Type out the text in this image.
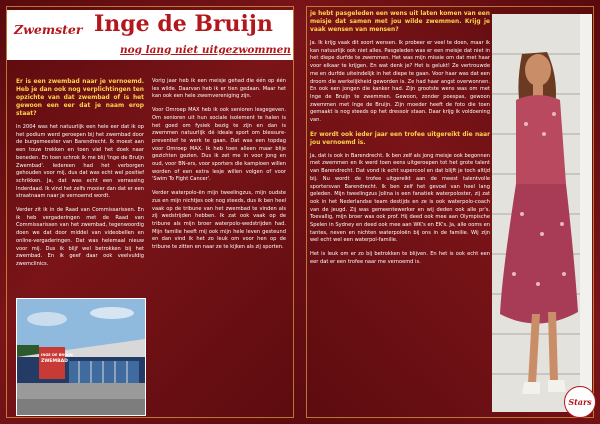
Zwemster Inge de Bruijn
nog lang niet uitgezwommen

Er is een zwembad naar je vernoemd. Heb je dan ook nog verplichtingen ten opzichte van dat zwembad of is het gewoon een eer dat je naam erop staat?

In 2004 was het natuurlijk een hele eer dat ik op het podium werd geroepen bij het zwembad door de burgemeester van Barendrecht. Ik moest aan een touw trekken en toen viel het doek naar beneden. En toen schrok ik me blij 'Inge de Bruijn Zwembad'. Iedereen had het verborgen gehouden voor mij, dus dat was echt wel positief schrikken. Ja, dat was echt een verrassing Inderdaad. Ik vind het zelfs mooier dan dat er een straatnaam naar je vernoemd wordt.

Verder zit ik in de Raad van Commissarissen. En ik heb vergaderingen met de Raad van Commissarissen van het zwembad, tegenwoordig doen we dat door middel van videobellen en online-vergaderingen. Dat was helemaal nieuw voor mij. Dus ik blijf wel betrokken bij het zwembad. En ik geef daar ook veelvuldig zwemclinics.

Vorig jaar heb ik een meisje gehad die één op één les wilde. Daarvan heb ik er tien gedaan. Maar het kan ook een hele zwemvereniging zijn.

Voor Omroep MAX heb ik ook senioren lesgegeven. Om senioren uit hun sociale isolement te halen is het goed om fysiek bezig te zijn en dan is zwemmen natuurlijk dé ideale sport om blessure-preventief te werk te gaan. Dat was een topdag voor Omroep MAX. Ik heb toen alleen maar blije gezichten gezien. Dus ik zet me in voor jong en oud, voor BN-ers, voor sporters die kampioen willen worden of een extra lesje willen volgen of voor 'Swim To Fight Cancer'.

Verder waterpolo-ën mijn tweelingzus, mijn oudste zus en mijn nichtjes ook nog steeds, dus ik ben heel vaak op de tribune van het zwembad te vinden als zij wedstrijden hebben. Ik zat ook vaak op de tribune als mijn broer waterpolo-wedstrijden had. Mijn familie heeft mij ook mijn hele leven gesteund en dan vind ik het zo leuk om voor hen op de tribune te zitten en naar ze te kijken als zij sporten.

INGE DE BRUIJN
ZWEMBAD

je hebt pasgeleden een wens uit laten komen van een meisje dat samen met jou wilde zwemmen. Krijg je vaak wensen van mensen?

Ja. Ik krijg vaak dit soort wensen. Ik probeer er veel te doen, maar ik kan natuurlijk ook niet alles. Pasgeleden was er een meisje dat niet in het diepe durfde te zwemmen. Het was mijn missie om dat met haar voor elkaar te krijgen. En wat denk je? Het is gelukt! Ze vertrouwde me en durfde uiteindelijk in het diepe te gaan. Voor haar was dat een droom die werkelijkheid geworden is. Ze had haar angst overwonnen. En ook een jongen die kanker had. Zijn grootste wens was om met Inge de Bruijn te zwemmen. Gewoon, zonder poespas, gewoon zwemmen met Inge de Bruijn. Zijn moeder heeft de foto die toen gemaakt is nog steeds op het dressoir staan. Daar krijg ik voldoening van.

Er wordt ook ieder jaar een trofee uitgereikt die naar jou vernoemd is.

Ja, dat is ook in Barendrecht. Ik ben zelf als jong meisje ook begonnen met zwemmen en ik werd toen eens uitgeroepen tot het grote talent van Barendrecht. Dat vond ik echt supercool en dat blijft je toch altijd bij. Nu wordt de trofee uitgereikt aan de meest talentvolle sportersvan Barendrecht. Ik ben zelf het gevoel van heel lang geleden. Mijn tweelingzus Jolina is een fanatiek waterpoloster, zij zat ook in het Nederlandse team destijds en ze is ook waterpolo-coach van de jeugd. Zij was gemeentewerker en wij deden ook alle pr's. Toevallig, mijn broer was ook prof. Hij deed ook mee aan Olympische Spelen in Sydney en deed ook mee aan WK's en EK's. Ja, alle ooms en tantes, neven en nichten waterpoloën bij ons in de familie. Wij zijn wel echt wel een waterpol-familie.

Het is leuk om er zo bij betrokken te blijven. En het is ook echt een eer dat er een trofee naar me vernoemd is.

Stars
